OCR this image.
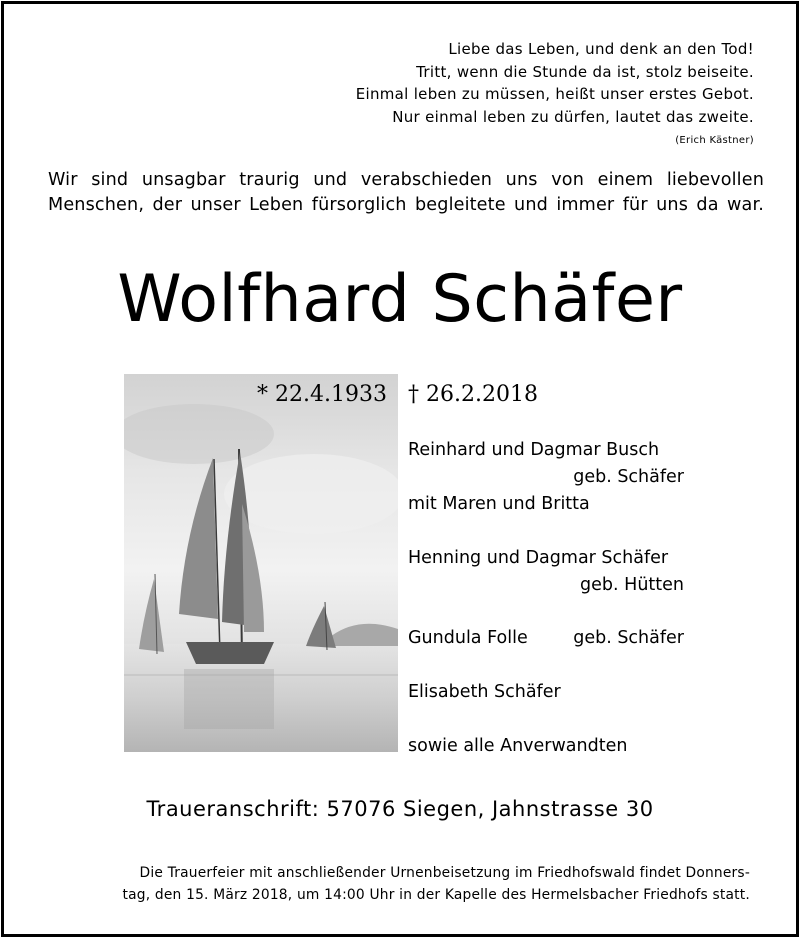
Liebe das Leben, und denk an den Tod!
Tritt, wenn die Stunde da ist, stolz beiseite.
Einmal leben zu müssen, heißt unser erstes Gebot.
Nur einmal leben zu dürfen, lautet das zweite.
(Erich Kästner)
Wir sind unsagbar traurig und verabschieden uns von einem liebevollen
Menschen, der unser Leben fürsorglich begleitete und immer für uns da war.
Wolfhard Schäfer
* 22.4.1933 † 26.2.2018
Reinhard und Dagmar Busch
geb. Schäfer
mit Maren und Britta
Henning und Dagmar Schäfer
geb. Hütten
Gundula Folle	geb. Schäfer
Elisabeth Schäfer
sowie alle Anverwandten
Traueranschrift: 57076 Siegen, Jahnstrasse 30
Die Trauerfeier mit anschließender Urnenbeisetzung im Friedhofswald findet Donners-
tag, den 15. März 2018, um 14:00 Uhr in der Kapelle des Hermelsbacher Friedhofs statt.
